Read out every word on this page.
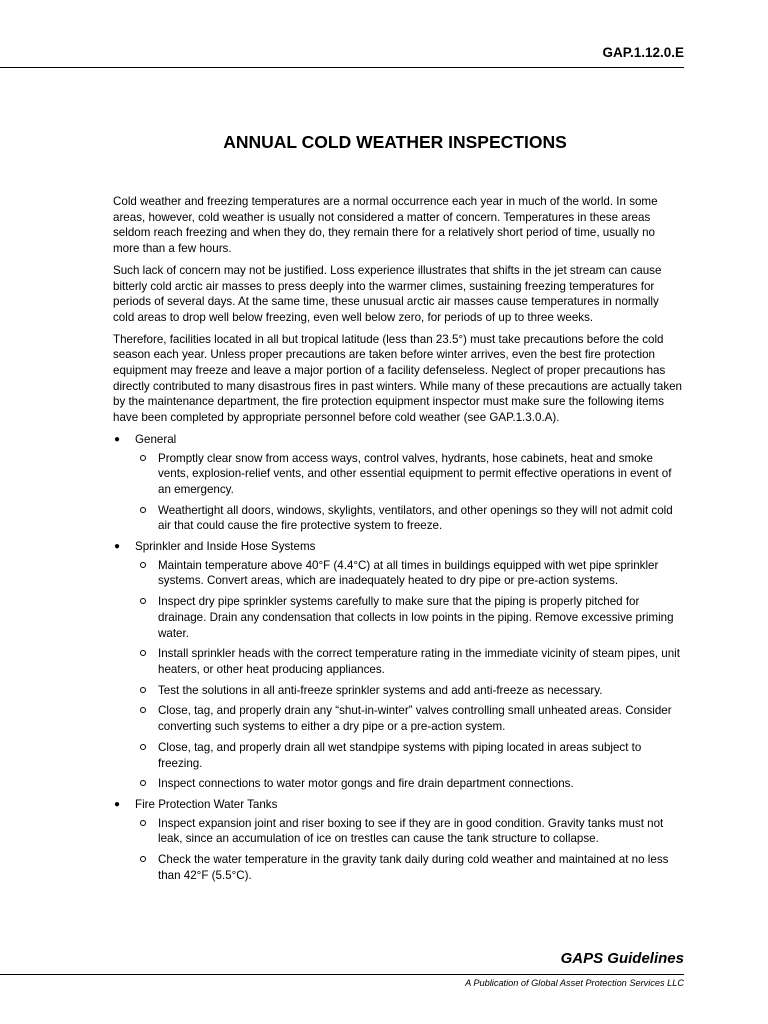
GAP.1.12.0.E
ANNUAL COLD WEATHER INSPECTIONS

Cold weather and freezing temperatures are a normal occurrence each year in much of the world. In some areas, however, cold weather is usually not considered a matter of concern. Temperatures in these areas seldom reach freezing and when they do, they remain there for a relatively short period of time, usually no more than a few hours.

Such lack of concern may not be justified. Loss experience illustrates that shifts in the jet stream can cause bitterly cold arctic air masses to press deeply into the warmer climes, sustaining freezing temperatures for periods of several days. At the same time, these unusual arctic air masses cause temperatures in normally cold areas to drop well below freezing, even well below zero, for periods of up to three weeks.

Therefore, facilities located in all but tropical latitude (less than 23.5°) must take precautions before the cold season each year. Unless proper precautions are taken before winter arrives, even the best fire protection equipment may freeze and leave a major portion of a facility defenseless. Neglect of proper precautions has directly contributed to many disastrous fires in past winters. While many of these precautions are actually taken by the maintenance department, the fire protection equipment inspector must make sure the following items have been completed by appropriate personnel before cold weather (see GAP.1.3.0.A).

● General
Promptly clear snow from access ways, control valves, hydrants, hose cabinets, heat and smoke vents, explosion-relief vents, and other essential equipment to permit effective operations in event of an emergency.
Weathertight all doors, windows, skylights, ventilators, and other openings so they will not admit cold air that could cause the fire protective system to freeze.
● Sprinkler and Inside Hose Systems
Maintain temperature above 40°F (4.4°C) at all times in buildings equipped with wet pipe sprinkler systems. Convert areas, which are inadequately heated to dry pipe or pre-action systems.
Inspect dry pipe sprinkler systems carefully to make sure that the piping is properly pitched for drainage. Drain any condensation that collects in low points in the piping. Remove excessive priming water.
Install sprinkler heads with the correct temperature rating in the immediate vicinity of steam pipes, unit heaters, or other heat producing appliances.
Test the solutions in all anti-freeze sprinkler systems and add anti-freeze as necessary.
Close, tag, and properly drain any “shut-in-winter” valves controlling small unheated areas. Consider converting such systems to either a dry pipe or a pre-action system.
Close, tag, and properly drain all wet standpipe systems with piping located in areas subject to freezing.
Inspect connections to water motor gongs and fire drain department connections.
● Fire Protection Water Tanks
Inspect expansion joint and riser boxing to see if they are in good condition. Gravity tanks must not leak, since an accumulation of ice on trestles can cause the tank structure to collapse.
Check the water temperature in the gravity tank daily during cold weather and maintained at no less than 42°F (5.5°C).
GAPS Guidelines
A Publication of Global Asset Protection Services LLC
